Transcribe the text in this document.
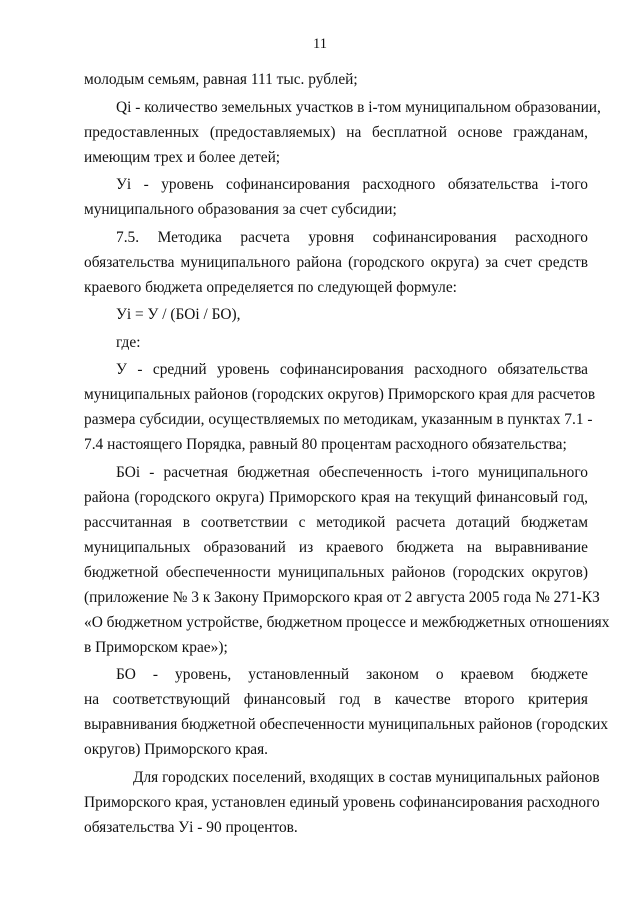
11
молодым семьям, равная 111 тыс. рублей;
Qi - количество земельных участков в i-том муниципальном образовании,
предоставленных (предоставляемых) на бесплатной основе гражданам,
имеющим трех и более детей;
Уi - уровень софинансирования расходного обязательства i-того
муниципального образования за счет субсидии;
7.5. Методика расчета уровня софинансирования расходного
обязательства муниципального района (городского округа) за счет средств
краевого бюджета определяется по следующей формуле:
Уi = У / (БОi / БО),
где:
У - средний уровень софинансирования расходного обязательства
муниципальных районов (городских округов) Приморского края для расчетов
размера субсидии, осуществляемых по методикам, указанным в пунктах 7.1 -
7.4 настоящего Порядка, равный 80 процентам расходного обязательства;
БОi - расчетная бюджетная обеспеченность i-того муниципального
района (городского округа) Приморского края на текущий финансовый год,
рассчитанная в соответствии с методикой расчета дотаций бюджетам
муниципальных образований из краевого бюджета на выравнивание
бюджетной обеспеченности муниципальных районов (городских округов)
(приложение № 3 к Закону Приморского края от 2 августа 2005 года № 271-КЗ
«О бюджетном устройстве, бюджетном процессе и межбюджетных отношениях
в Приморском крае»);
БО - уровень, установленный законом о краевом бюджете
на соответствующий финансовый год в качестве второго критерия
выравнивания бюджетной обеспеченности муниципальных районов (городских
округов) Приморского края.
Для городских поселений, входящих в состав муниципальных районов
Приморского края, установлен единый уровень софинансирования расходного
обязательства Уi - 90 процентов.
